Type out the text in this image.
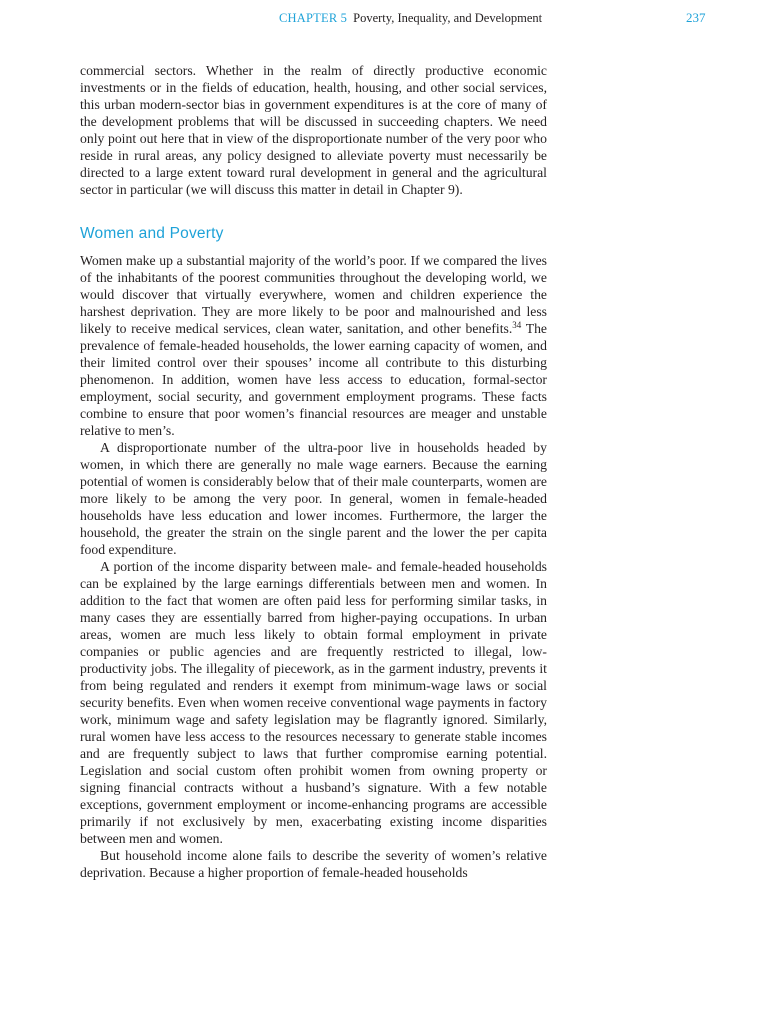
CHAPTER 5 Poverty, Inequality, and Development	237

commercial sectors. Whether in the realm of directly productive economic investments or in the fields of education, health, housing, and other social services, this urban modern-sector bias in government expenditures is at the core of many of the development problems that will be discussed in succeeding chapters. We need only point out here that in view of the disproportionate number of the very poor who reside in rural areas, any policy designed to alleviate poverty must necessarily be directed to a large extent toward rural development in general and the agricultural sector in particular (we will discuss this matter in detail in Chapter 9).

Women and Poverty

Women make up a substantial majority of the world’s poor. If we compared the lives of the inhabitants of the poorest communities throughout the developing world, we would discover that virtually everywhere, women and children experience the harshest deprivation. They are more likely to be poor and malnourished and less likely to receive medical services, clean water, sanitation, and other benefits.$^{34}$ The prevalence of female-headed households, the lower earning capacity of women, and their limited control over their spouses’ income all contribute to this disturbing phenomenon. In addition, women have less access to education, formal-sector employment, social security, and government employment programs. These facts combine to ensure that poor women’s financial resources are meager and unstable relative to men’s.

A disproportionate number of the ultra-poor live in households headed by women, in which there are generally no male wage earners. Because the earning potential of women is considerably below that of their male counterparts, women are more likely to be among the very poor. In general, women in female-headed households have less education and lower incomes. Furthermore, the larger the household, the greater the strain on the single parent and the lower the per capita food expenditure.

A portion of the income disparity between male- and female-headed households can be explained by the large earnings differentials between men and women. In addition to the fact that women are often paid less for performing similar tasks, in many cases they are essentially barred from higher-paying occupations. In urban areas, women are much less likely to obtain formal employment in private companies or public agencies and are frequently restricted to illegal, low-productivity jobs. The illegality of piecework, as in the garment industry, prevents it from being regulated and renders it exempt from minimum-wage laws or social security benefits. Even when women receive conventional wage payments in factory work, minimum wage and safety legislation may be flagrantly ignored. Similarly, rural women have less access to the resources necessary to generate stable incomes and are frequently subject to laws that further compromise earning potential. Legislation and social custom often prohibit women from owning property or signing financial contracts without a husband’s signature. With a few notable exceptions, government employment or income-enhancing programs are accessible primarily if not exclusively by men, exacerbating existing income disparities between men and women.

But household income alone fails to describe the severity of women’s relative deprivation. Because a higher proportion of female-headed households
